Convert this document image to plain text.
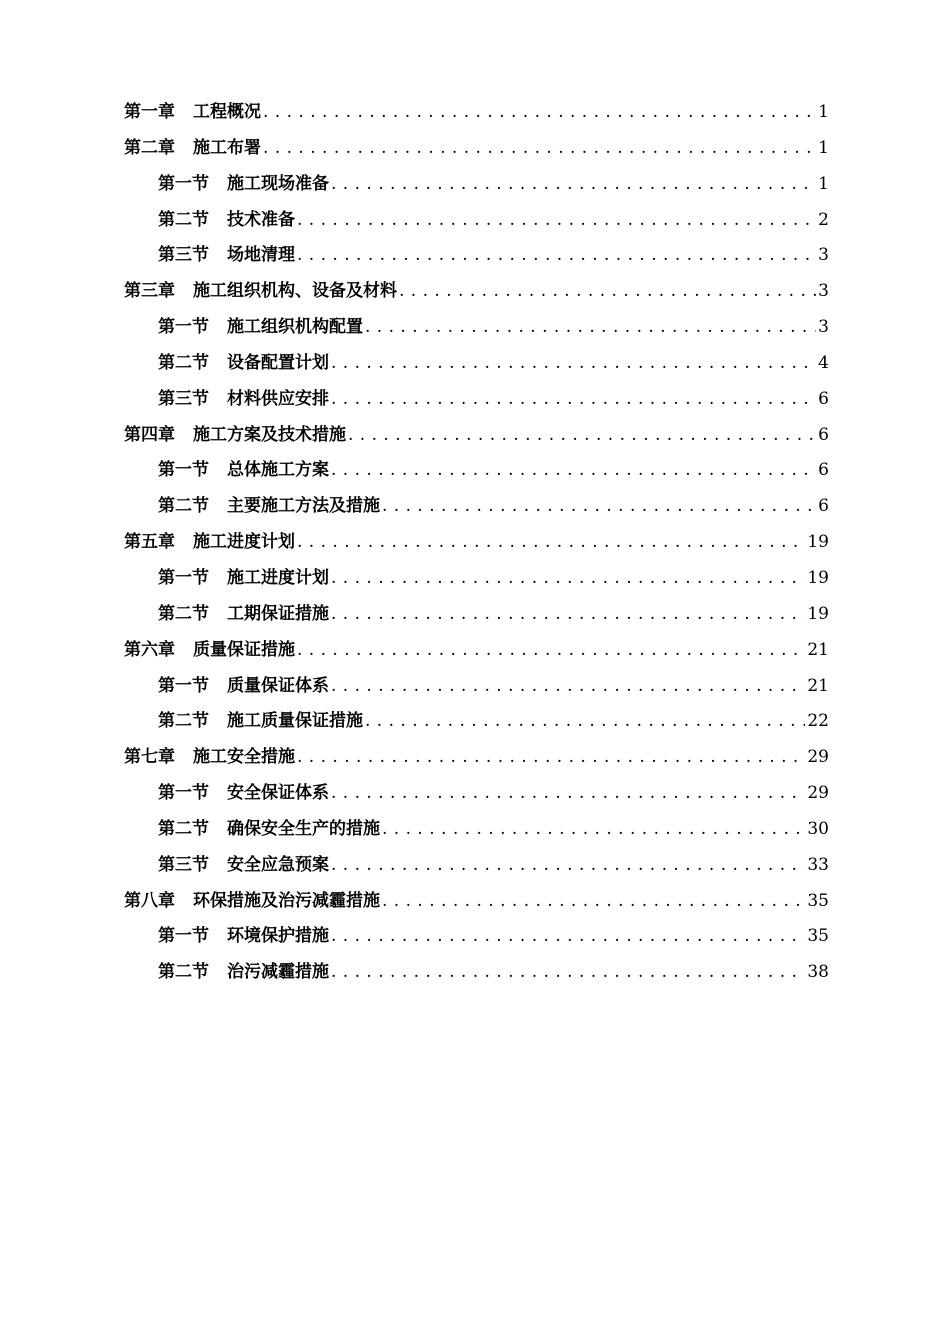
第一章 工程概况 . . .	1
第二章 施工布署 . . .	1
第一节 施工现场准备 . . .	1
第二节 技术准备 . . .	2
第三节 场地清理 . . .	3
第三章 施工组织机构、设备及材料 . . .	3
第一节 施工组织机构配置 . . .	3
第二节 设备配置计划 . . .	4
第三节 材料供应安排 . . .	6
第四章 施工方案及技术措施 . . .	6
第一节 总体施工方案 . . .	6
第二节 主要施工方法及措施 . . .	6
第五章 施工进度计划 . . .	19
第一节 施工进度计划 . . .	19
第二节 工期保证措施 . . .	19
第六章 质量保证措施 . . .	21
第一节 质量保证体系 . . .	21
第二节 施工质量保证措施 . . .	22
第七章 施工安全措施 . . .	29
第一节 安全保证体系 . . .	29
第二节 确保安全生产的措施 . . .	30
第三节 安全应急预案 . . .	33
第八章 环保措施及治污减霾措施 . . .	35
第一节 环境保护措施 . . .	35
第二节 治污减霾措施 . . .	38
